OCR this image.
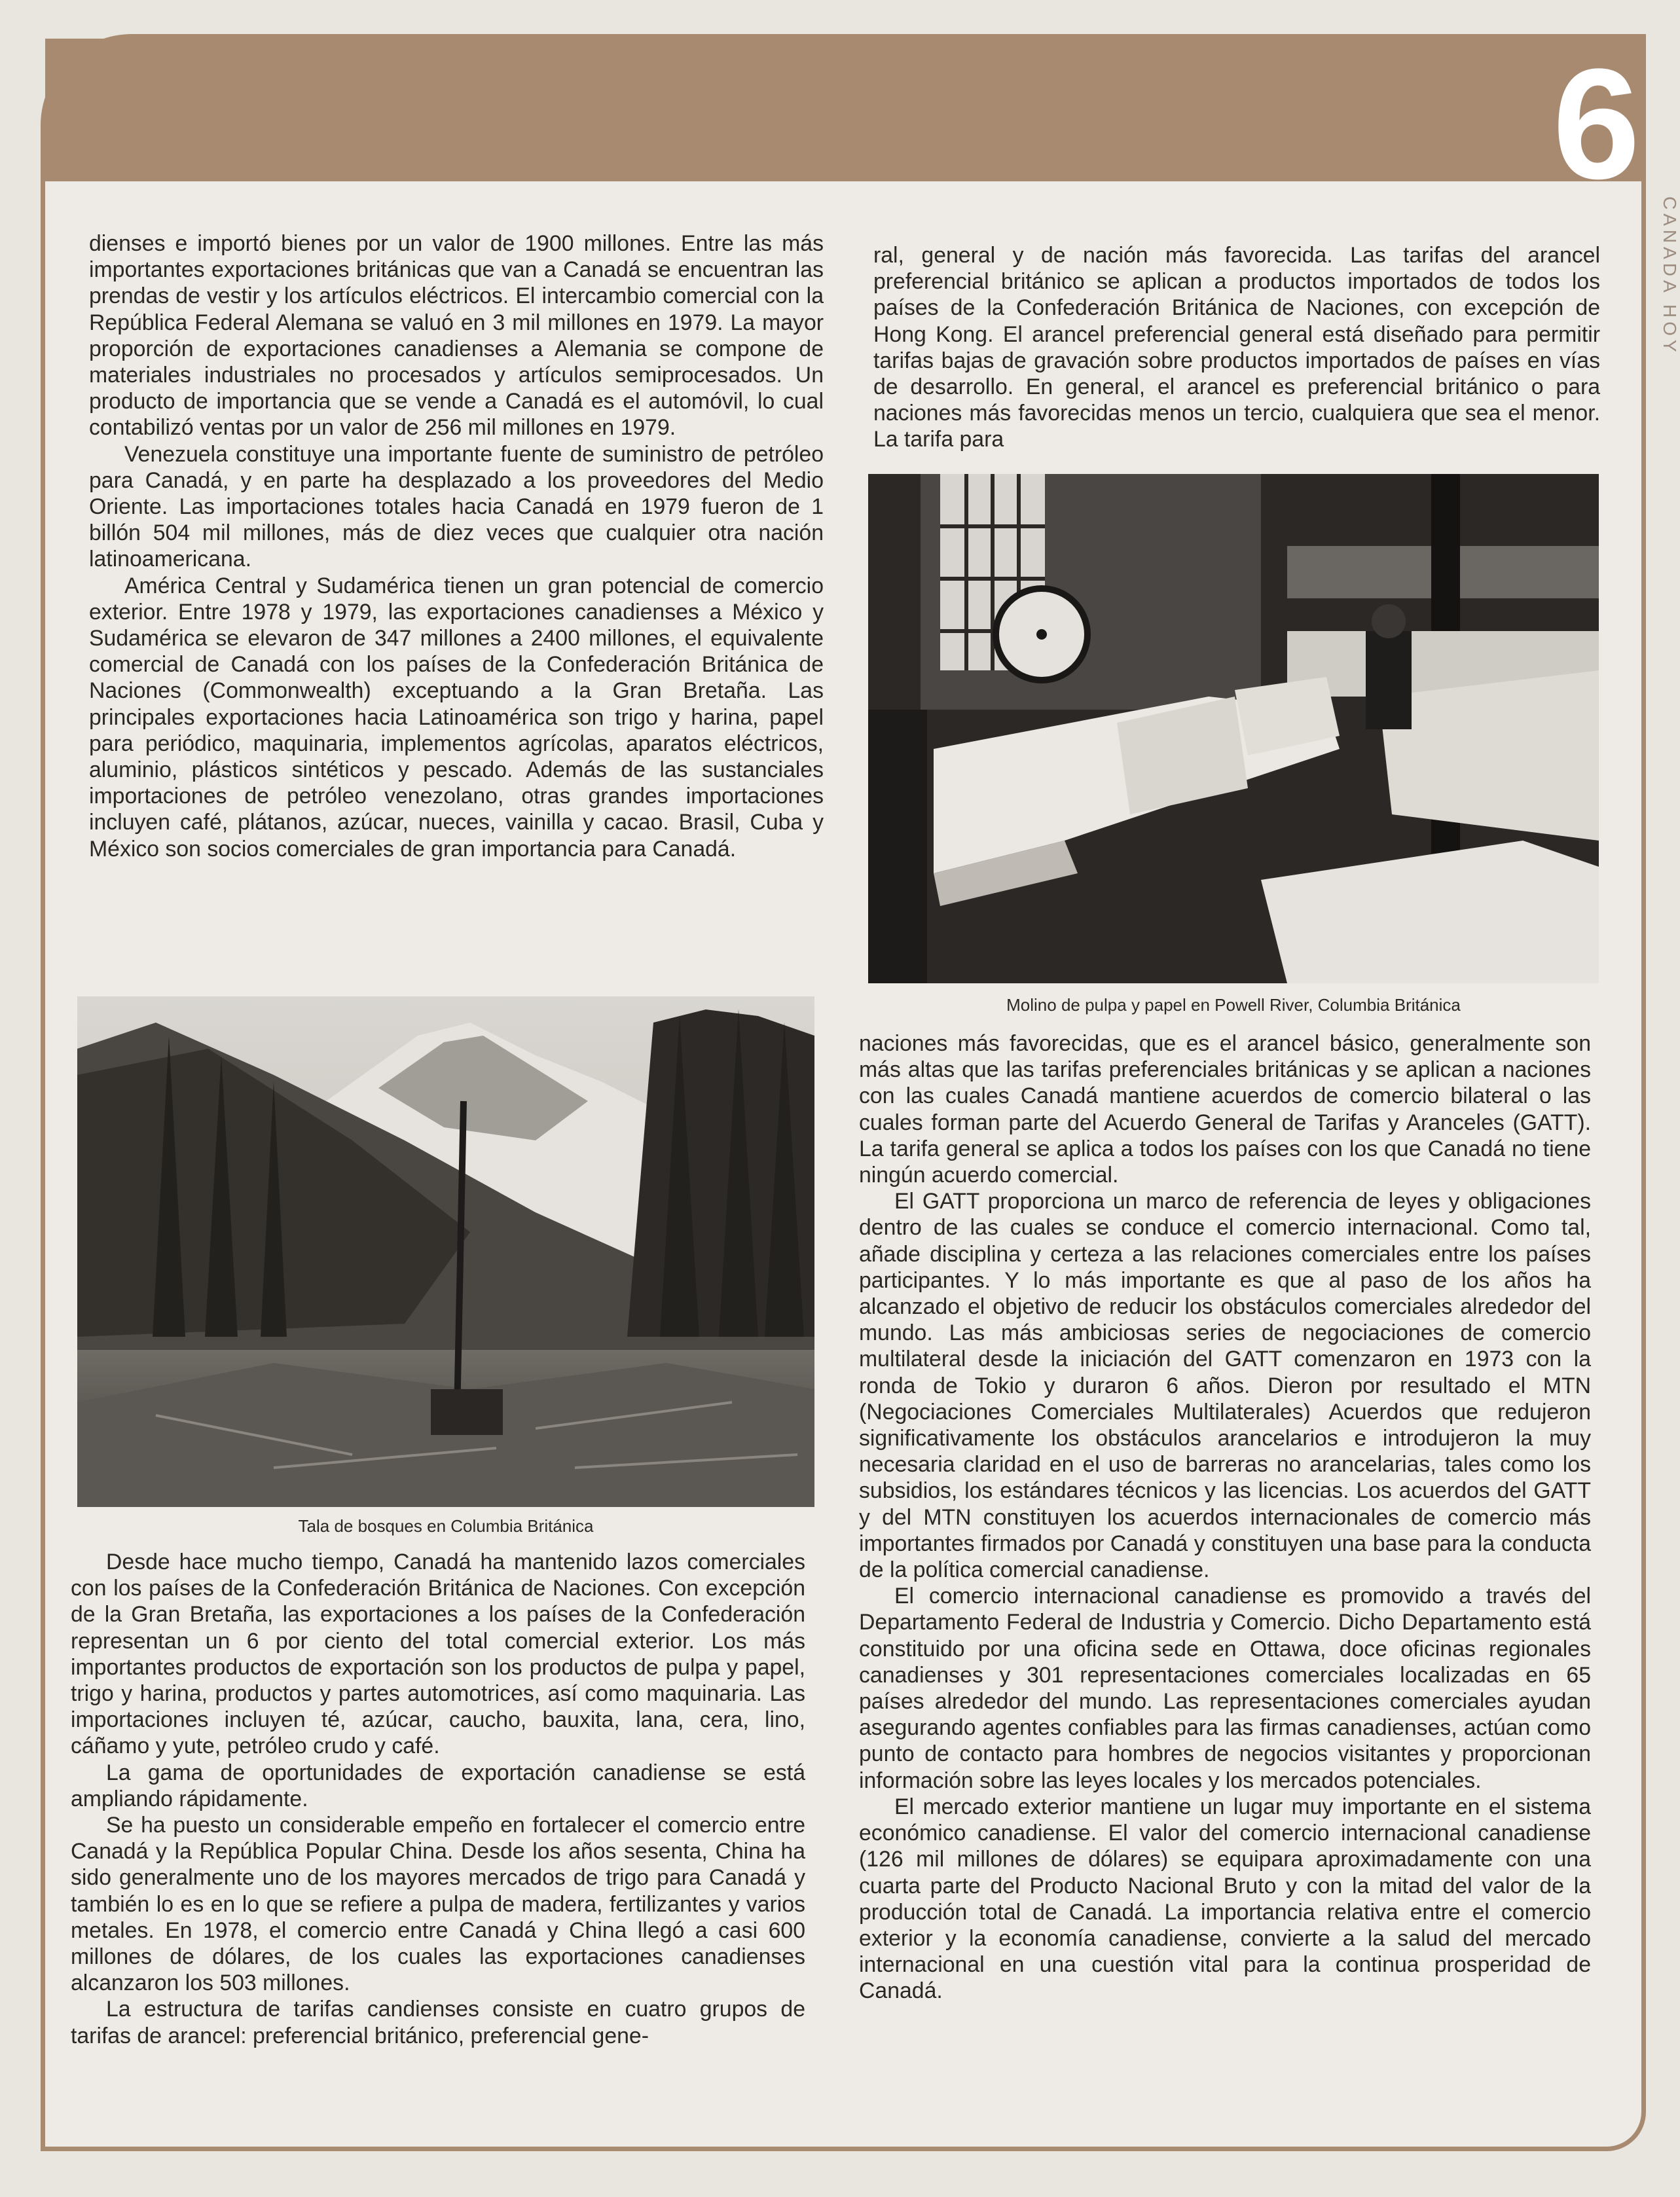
6
CANADA HOY

dienses e importó bienes por un valor de 1900 millones. Entre las más importantes exportaciones británicas que van a Canadá se encuentran las prendas de vestir y los artículos eléctricos. El intercambio comercial con la República Federal Alemana se valuó en 3 mil millones en 1979. La mayor proporción de exportaciones canadienses a Alemania se compone de materiales industriales no procesados y artículos semiprocesados. Un producto de importancia que se vende a Canadá es el automóvil, lo cual contabilizó ventas por un valor de 256 mil millones en 1979.

Venezuela constituye una importante fuente de suministro de petróleo para Canadá, y en parte ha desplazado a los proveedores del Medio Oriente. Las importaciones totales hacia Canadá en 1979 fueron de 1 billón 504 mil millones, más de diez veces que cualquier otra nación latinoamericana.

América Central y Sudamérica tienen un gran potencial de comercio exterior. Entre 1978 y 1979, las exportaciones canadienses a México y Sudamérica se elevaron de 347 millones a 2400 millones, el equivalente comercial de Canadá con los países de la Confederación Británica de Naciones (Commonwealth) exceptuando a la Gran Bretaña. Las principales exportaciones hacia Latinoamérica son trigo y harina, papel para periódico, maquinaria, implementos agrícolas, aparatos eléctricos, aluminio, plásticos sintéticos y pescado. Además de las sustanciales importaciones de petróleo venezolano, otras grandes importaciones incluyen café, plátanos, azúcar, nueces, vainilla y cacao. Brasil, Cuba y México son socios comerciales de gran importancia para Canadá.

Tala de bosques en Columbia Británica

Desde hace mucho tiempo, Canadá ha mantenido lazos comerciales con los países de la Confederación Británica de Naciones. Con excepción de la Gran Bretaña, las exportaciones a los países de la Confederación representan un 6 por ciento del total comercial exterior. Los más importantes productos de exportación son los productos de pulpa y papel, trigo y harina, productos y partes automotrices, así como maquinaria. Las importaciones incluyen té, azúcar, caucho, bauxita, lana, cera, lino, cáñamo y yute, petróleo crudo y café.

La gama de oportunidades de exportación canadiense se está ampliando rápidamente.

Se ha puesto un considerable empeño en fortalecer el comercio entre Canadá y la República Popular China. Desde los años sesenta, China ha sido generalmente uno de los mayores mercados de trigo para Canadá y también lo es en lo que se refiere a pulpa de madera, fertilizantes y varios metales. En 1978, el comercio entre Canadá y China llegó a casi 600 millones de dólares, de los cuales las exportaciones canadienses alcanzaron los 503 millones.

La estructura de tarifas candienses consiste en cuatro grupos de tarifas de arancel: preferencial británico, preferencial gene-

ral, general y de nación más favorecida. Las tarifas del arancel preferencial británico se aplican a productos importados de todos los países de la Confederación Británica de Naciones, con excepción de Hong Kong. El arancel preferencial general está diseñado para permitir tarifas bajas de gravación sobre productos importados de países en vías de desarrollo. En general, el arancel es preferencial británico o para naciones más favorecidas menos un tercio, cualquiera que sea el menor. La tarifa para

Molino de pulpa y papel en Powell River, Columbia Británica

naciones más favorecidas, que es el arancel básico, generalmente son más altas que las tarifas preferenciales británicas y se aplican a naciones con las cuales Canadá mantiene acuerdos de comercio bilateral o las cuales forman parte del Acuerdo General de Tarifas y Aranceles (GATT). La tarifa general se aplica a todos los países con los que Canadá no tiene ningún acuerdo comercial.

El GATT proporciona un marco de referencia de leyes y obligaciones dentro de las cuales se conduce el comercio internacional. Como tal, añade disciplina y certeza a las relaciones comerciales entre los países participantes. Y lo más importante es que al paso de los años ha alcanzado el objetivo de reducir los obstáculos comerciales alrededor del mundo. Las más ambiciosas series de negociaciones de comercio multilateral desde la iniciación del GATT comenzaron en 1973 con la ronda de Tokio y duraron 6 años. Dieron por resultado el MTN (Negociaciones Comerciales Multilaterales) Acuerdos que redujeron significativamente los obstáculos arancelarios e introdujeron la muy necesaria claridad en el uso de barreras no arancelarias, tales como los subsidios, los estándares técnicos y las licencias. Los acuerdos del GATT y del MTN constituyen los acuerdos internacionales de comercio más importantes firmados por Canadá y constituyen una base para la conducta de la política comercial canadiense.

El comercio internacional canadiense es promovido a través del Departamento Federal de Industria y Comercio. Dicho Departamento está constituido por una oficina sede en Ottawa, doce oficinas regionales canadienses y 301 representaciones comerciales localizadas en 65 países alrededor del mundo. Las representaciones comerciales ayudan asegurando agentes confiables para las firmas canadienses, actúan como punto de contacto para hombres de negocios visitantes y proporcionan información sobre las leyes locales y los mercados potenciales.

El mercado exterior mantiene un lugar muy importante en el sistema económico canadiense. El valor del comercio internacional canadiense (126 mil millones de dólares) se equipara aproximadamente con una cuarta parte del Producto Nacional Bruto y con la mitad del valor de la producción total de Canadá. La importancia relativa entre el comercio exterior y la economía canadiense, convierte a la salud del mercado internacional en una cuestión vital para la continua prosperidad de Canadá.
